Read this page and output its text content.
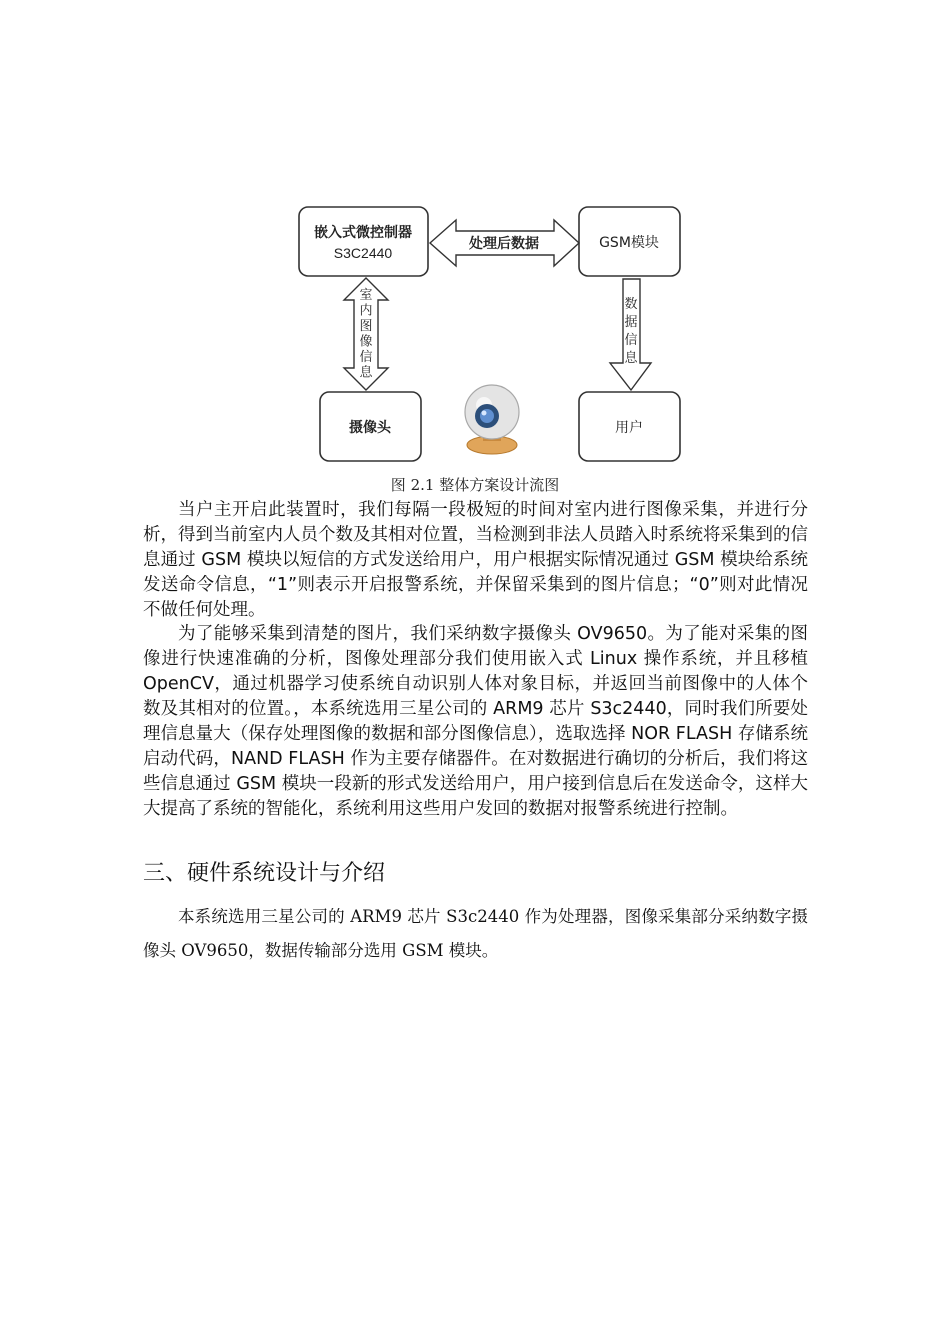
嵌入式微控制器
S3C2440
GSM模块
摄像头	用户
处理后数据
室
内
图
像
信
息
数
据
信
息
图 2.1 整体方案设计流图

当户主开启此装置时，我们每隔一段极短的时间对室内进行图像采集，并进行分析，得到当前室内人员个数及其相对位置，当检测到非法人员踏入时系统将采集到的信息通过 GSM 模块以短信的方式发送给用户，用户根据实际情况通过 GSM 模块给系统发送命令信息，“1”则表示开启报警系统，并保留采集到的图片信息；“0”则对此情况不做任何处理。

为了能够采集到清楚的图片，我们采纳数字摄像头 OV9650。为了能对采集的图像进行快速准确的分析，图像处理部分我们使用嵌入式 Linux 操作系统，并且移植 OpenCV，通过机器学习使系统自动识别人体对象目标，并返回当前图像中的人体个数及其相对的位置。，本系统选用三星公司的 ARM9 芯片 S3c2440，同时我们所要处理信息量大（保存处理图像的数据和部分图像信息），选取选择 NOR FLASH 存储系统启动代码，NAND FLASH 作为主要存储器件。在对数据进行确切的分析后，我们将这些信息通过 GSM 模块一段新的形式发送给用户，用户接到信息后在发送命令，这样大大提高了系统的智能化，系统利用这些用户发回的数据对报警系统进行控制。

三、硬件系统设计与介绍

本系统选用三星公司的 ARM9 芯片 S3c2440 作为处理器，图像采集部分采纳数字摄像头 OV9650，数据传输部分选用 GSM 模块。
